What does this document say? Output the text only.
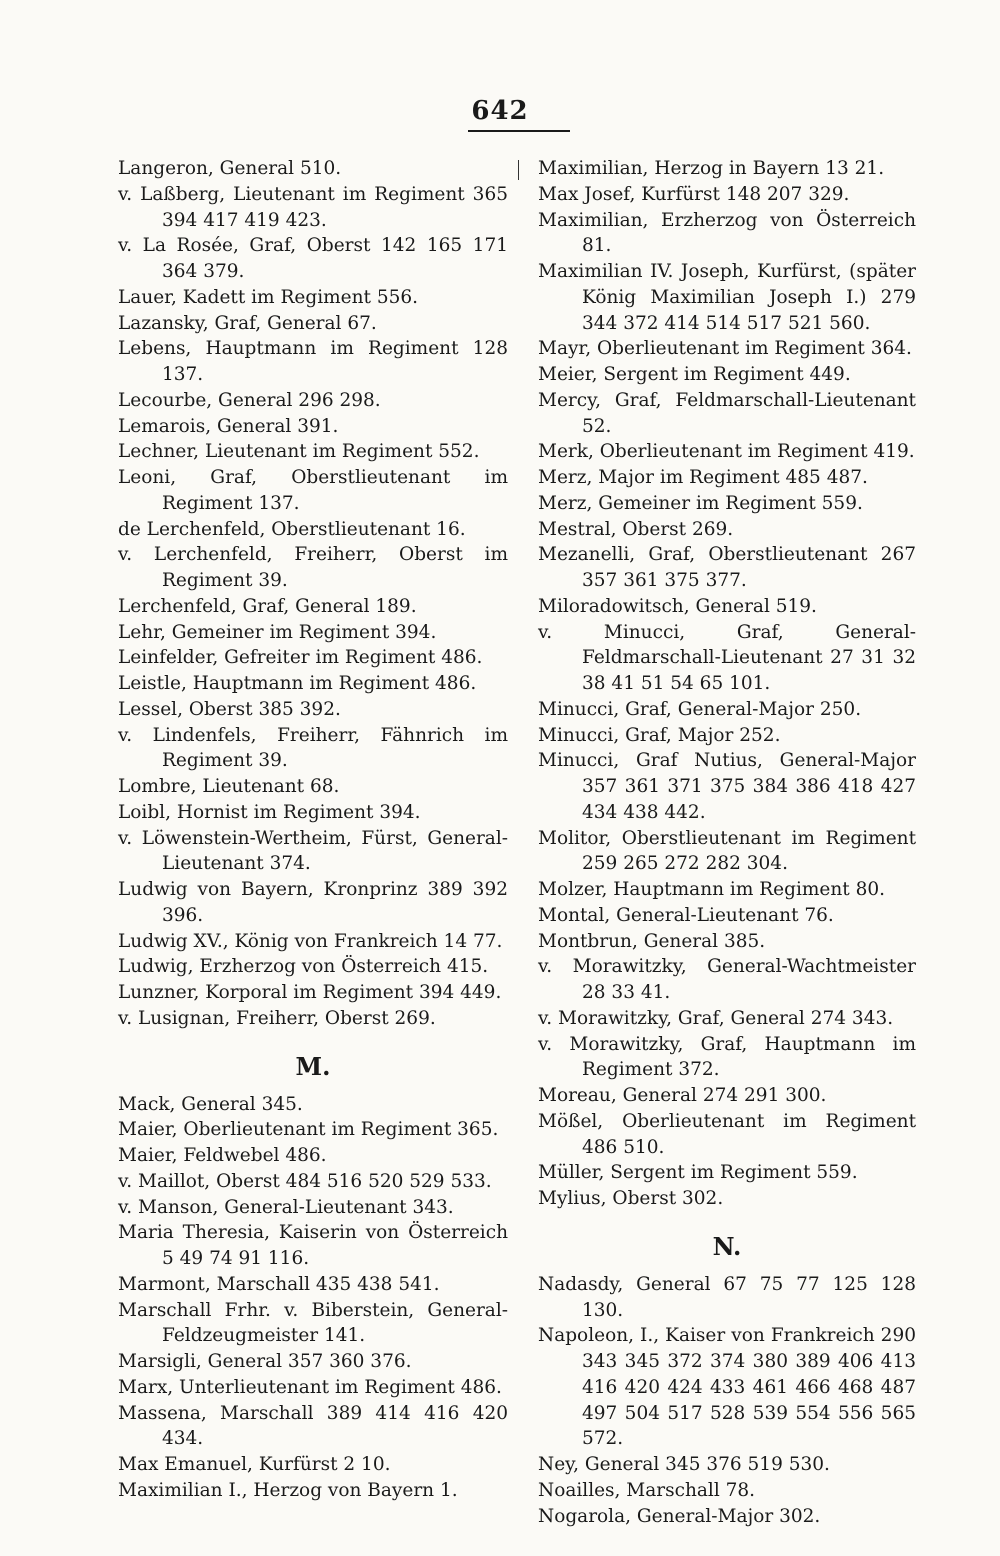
642

Langeron, General 510.

v. Laßberg, Lieutenant im Regiment 365 394 417 419 423.

v. La Rosée, Graf, Oberst 142 165 171 364 379.

Lauer, Kadett im Regiment 556.

Lazansky, Graf, General 67.

Lebens, Hauptmann im Regiment 128 137.

Lecourbe, General 296 298.

Lemarois, General 391.

Lechner, Lieutenant im Regiment 552.

Leoni, Graf, Oberstlieutenant im Regiment 137.

de Lerchenfeld, Oberstlieutenant 16.

v. Lerchenfeld, Freiherr, Oberst im Regiment 39.

Lerchenfeld, Graf, General 189.

Lehr, Gemeiner im Regiment 394.

Leinfelder, Gefreiter im Regiment 486.

Leistle, Hauptmann im Regiment 486.

Lessel, Oberst 385 392.

v. Lindenfels, Freiherr, Fähnrich im Regiment 39.

Lombre, Lieutenant 68.

Loibl, Hornist im Regiment 394.

v. Löwenstein-Wertheim, Fürst, General-Lieutenant 374.

Ludwig von Bayern, Kronprinz 389 392 396.

Ludwig XV., König von Frankreich 14 77.

Ludwig, Erzherzog von Österreich 415.

Lunzner, Korporal im Regiment 394 449.

v. Lusignan, Freiherr, Oberst 269.

M.

Mack, General 345.

Maier, Oberlieutenant im Regiment 365.

Maier, Feldwebel 486.

v. Maillot, Oberst 484 516 520 529 533.

v. Manson, General-Lieutenant 343.

Maria Theresia, Kaiserin von Österreich 5 49 74 91 116.

Marmont, Marschall 435 438 541.

Marschall Frhr. v. Biberstein, General-Feldzeugmeister 141.

Marsigli, General 357 360 376.

Marx, Unterlieutenant im Regiment 486.

Massena, Marschall 389 414 416 420 434.

Max Emanuel, Kurfürst 2 10.

Maximilian I., Herzog von Bayern 1.

Maximilian, Herzog in Bayern 13 21.

Max Josef, Kurfürst 148 207 329.

Maximilian, Erzherzog von Österreich 81.

Maximilian IV. Joseph, Kurfürst, (später König Maximilian Joseph I.) 279 344 372 414 514 517 521 560.

Mayr, Oberlieutenant im Regiment 364.

Meier, Sergent im Regiment 449.

Mercy, Graf, Feldmarschall-Lieutenant 52.

Merk, Oberlieutenant im Regiment 419.

Merz, Major im Regiment 485 487.

Merz, Gemeiner im Regiment 559.

Mestral, Oberst 269.

Mezanelli, Graf, Oberstlieutenant 267 357 361 375 377.

Miloradowitsch, General 519.

v. Minucci, Graf, General-Feldmarschall-Lieutenant 27 31 32 38 41 51 54 65 101.

Minucci, Graf, General-Major 250.

Minucci, Graf, Major 252.

Minucci, Graf Nutius, General-Major 357 361 371 375 384 386 418 427 434 438 442.

Molitor, Oberstlieutenant im Regiment 259 265 272 282 304.

Molzer, Hauptmann im Regiment 80.

Montal, General-Lieutenant 76.

Montbrun, General 385.

v. Morawitzky, General-Wachtmeister 28 33 41.

v. Morawitzky, Graf, General 274 343.

v. Morawitzky, Graf, Hauptmann im Regiment 372.

Moreau, General 274 291 300.

Mößel, Oberlieutenant im Regiment 486 510.

Müller, Sergent im Regiment 559.

Mylius, Oberst 302.

N.

Nadasdy, General 67 75 77 125 128 130.

Napoleon, I., Kaiser von Frankreich 290 343 345 372 374 380 389 406 413 416 420 424 433 461 466 468 487 497 504 517 528 539 554 556 565 572.

Ney, General 345 376 519 530.

Noailles, Marschall 78.

Nogarola, General-Major 302.
